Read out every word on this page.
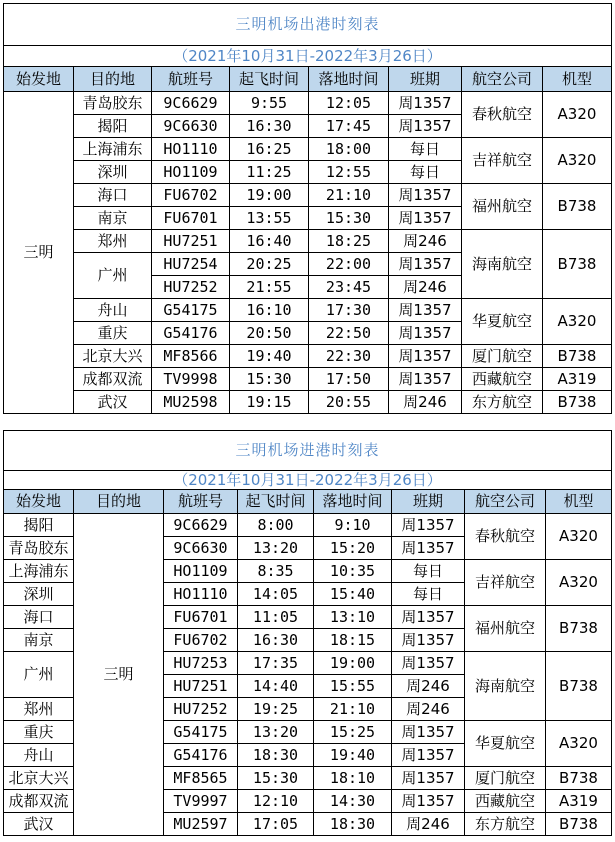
三明机场出港时刻表							
（2021年10月31日-2022年3月26日）							
始发地	目的地	航班号	起飞时间	落地时间	班期	航空公司	机型
三明	青岛胶东	9C6629	9:55	12:05	周1357	春秋航空	A320
	揭阳	9C6630	16:30	17:45	周1357		
	上海浦东	HO1110	16:25	18:00	每日	吉祥航空	A320
	深圳	HO1109	11:25	12:55	每日		
	海口	FU6702	19:00	21:10	周1357	福州航空	B738
	南京	FU6701	13:55	15:30	周1357		
	郑州	HU7251	16:40	18:25	周246	海南航空	B738
	广州	HU7254	20:25	22:00	周1357		
		HU7252	21:55	23:45	周246		
	舟山	G54175	16:10	17:30	周1357	华夏航空	A320
	重庆	G54176	20:50	22:50	周1357		
	北京大兴	MF8566	19:40	22:30	周1357	厦门航空	B738
	成都双流	TV9998	15:30	17:50	周1357	西藏航空	A319
	武汉	MU2598	19:15	20:55	周246	东方航空	B738
三明机场进港时刻表							
（2021年10月31日-2022年3月26日）							
始发地	目的地	航班号	起飞时间	落地时间	班期	航空公司	机型
揭阳	三明	9C6629	8:00	9:10	周1357	春秋航空	A320
青岛胶东		9C6630	13:20	15:20	周1357		
上海浦东		HO1109	8:35	10:35	每日	吉祥航空	A320
深圳		HO1110	14:05	15:40	每日		
海口		FU6701	11:05	13:10	周1357	福州航空	B738
南京		FU6702	16:30	18:15	周1357		
广州		HU7253	17:35	19:00	周1357	海南航空	B738
		HU7251	14:40	15:55	周246		
郑州		HU7252	19:25	21:10	周246		
重庆		G54175	13:20	15:25	周1357	华夏航空	A320
舟山		G54176	18:30	19:40	周1357		
北京大兴		MF8565	15:30	18:10	周1357	厦门航空	B738
成都双流		TV9997	12:10	14:30	周1357	西藏航空	A319
武汉		MU2597	17:05	18:30	周246	东方航空	B738
